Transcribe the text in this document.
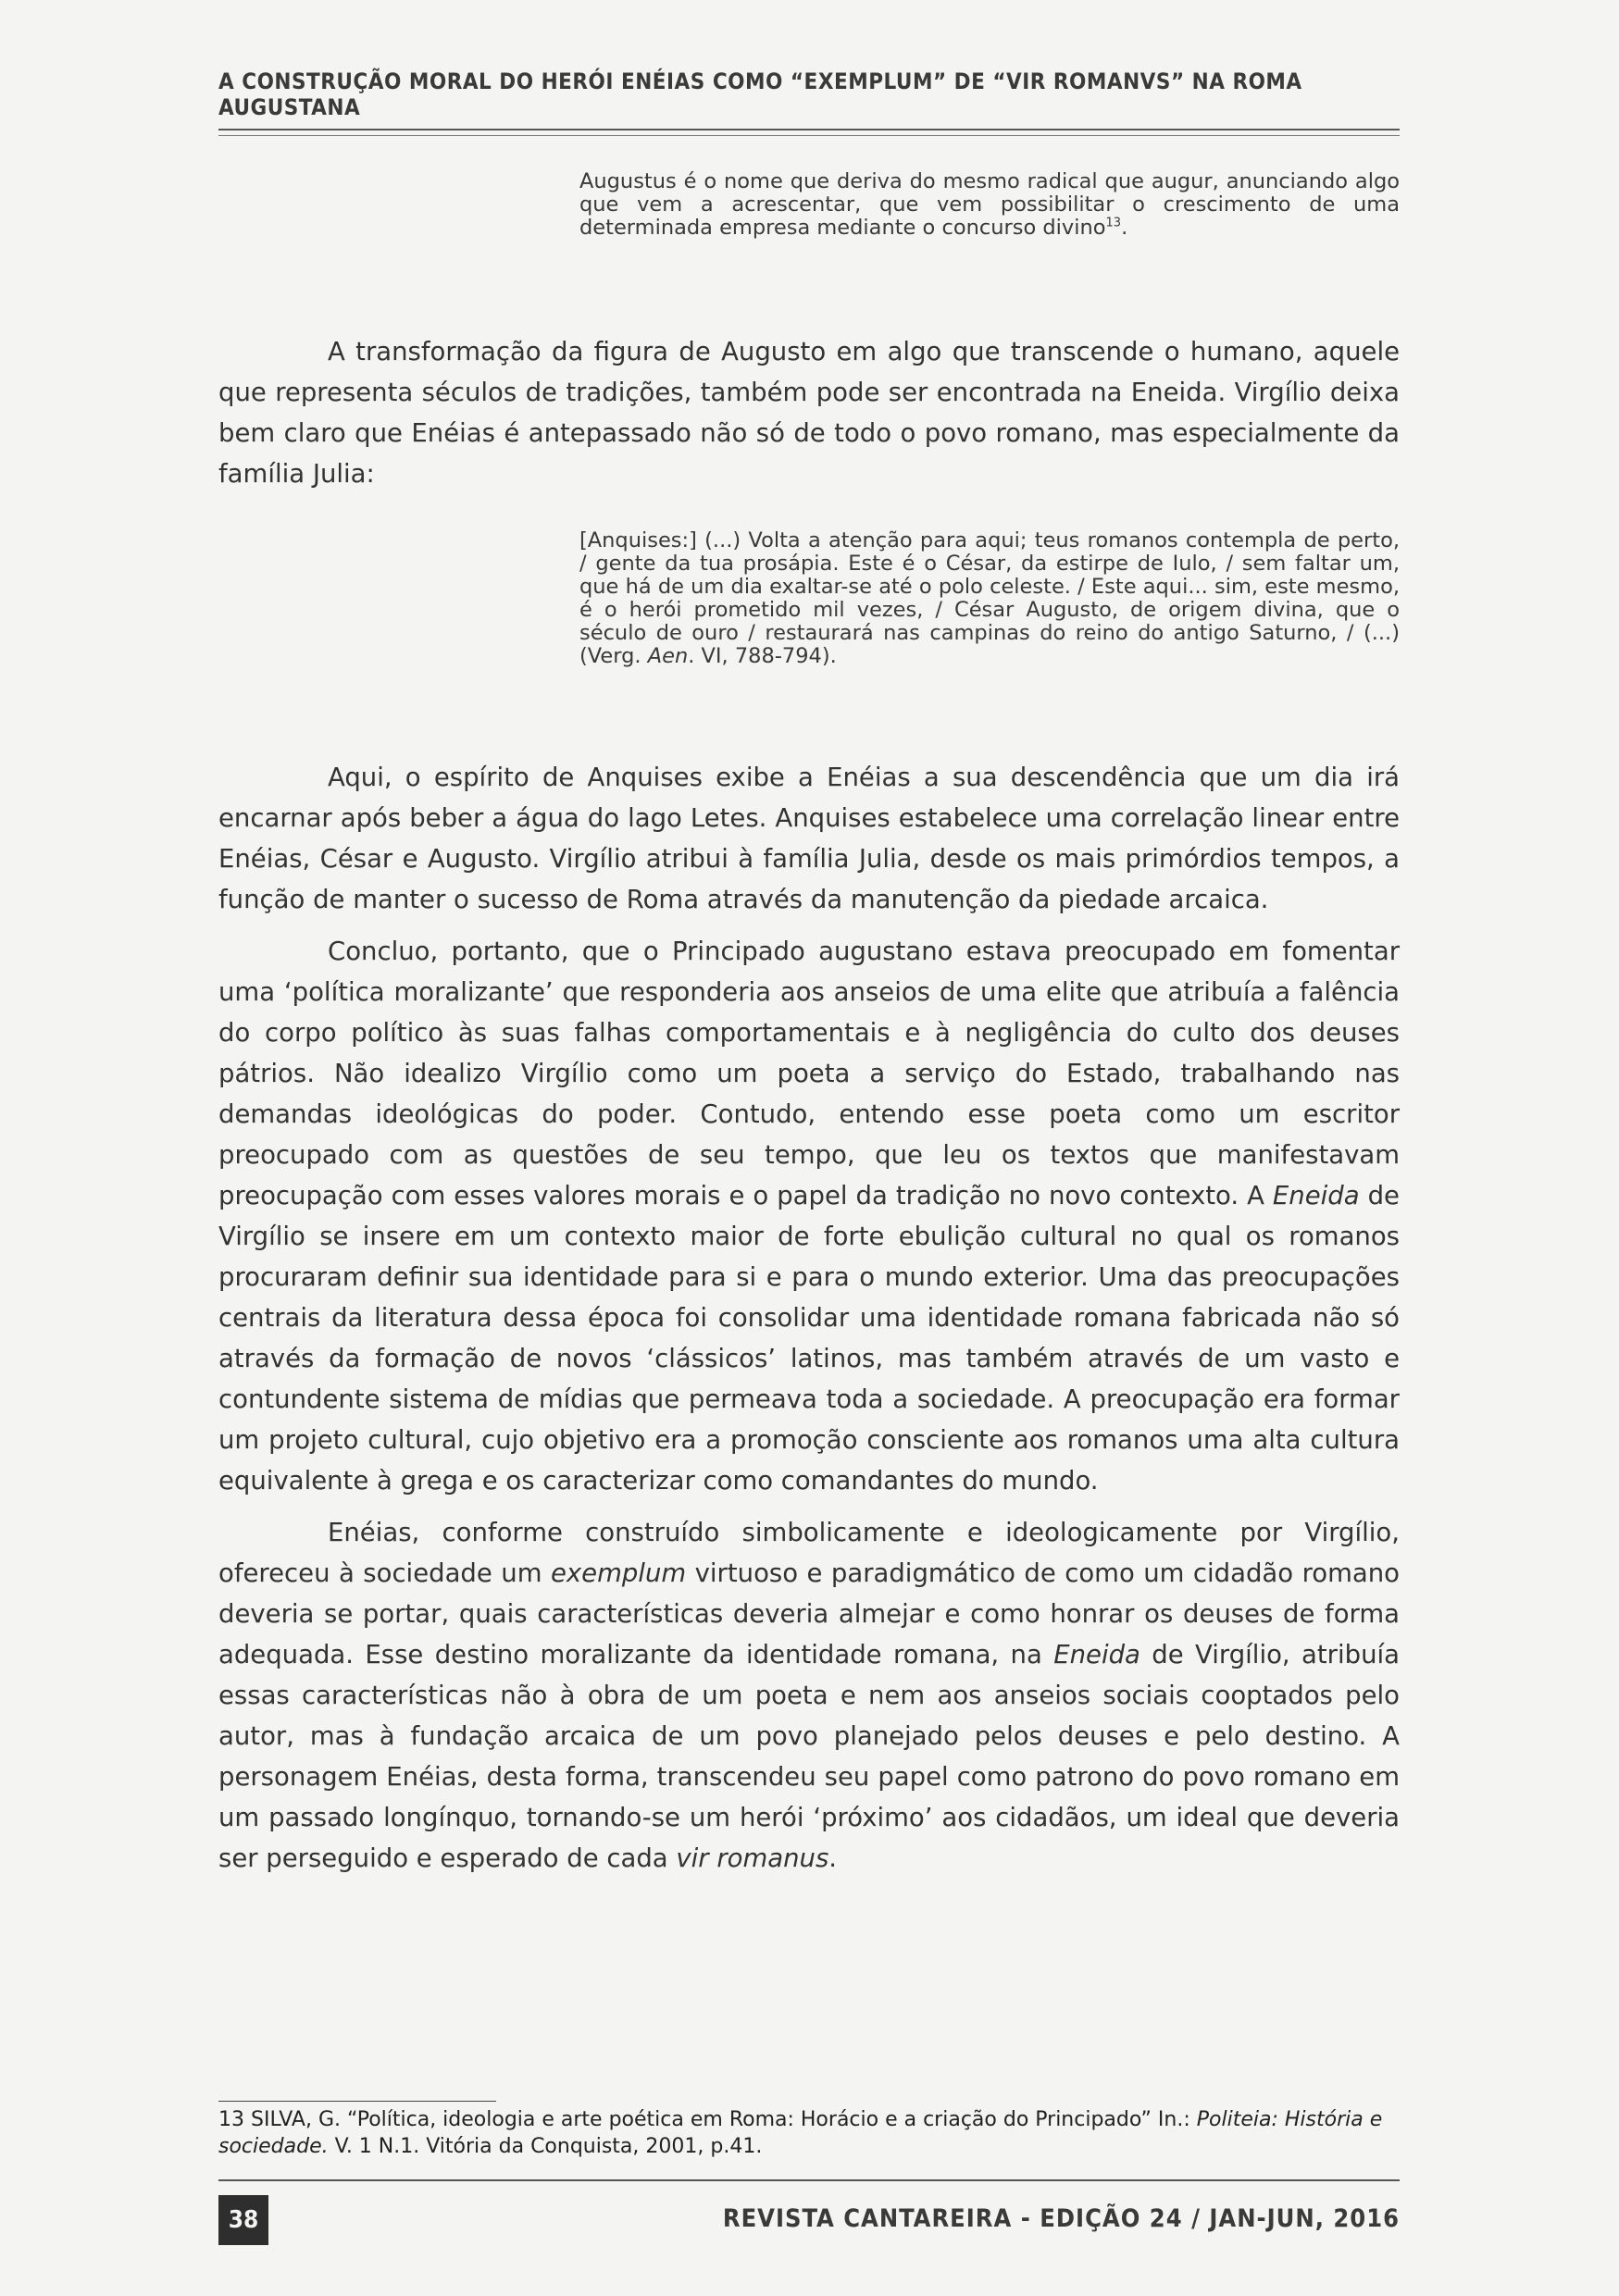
A CONSTRUÇÃO MORAL DO HERÓI ENÉIAS COMO “EXEMPLUM” DE “VIR ROMANVS” NA ROMA AUGUSTANA
Augustus é o nome que deriva do mesmo radical que augur, anunciando algo que vem a acrescentar, que vem possibilitar o crescimento de uma determinada empresa mediante o concurso divino$^{13}$.

A transformação da figura de Augusto em algo que transcende o humano, aquele que representa séculos de tradições, também pode ser encontrada na Eneida. Virgílio deixa bem claro que Enéias é antepassado não só de todo o povo romano, mas especialmente da família Julia:

[Anquises:] (...) Volta a atenção para aqui; teus romanos contempla de perto, / gente da tua prosápia. Este é o César, da estirpe de Iulo, / sem faltar um, que há de um dia exaltar-se até o polo celeste. / Este aqui... sim, este mesmo, é o herói prometido mil vezes, / César Augusto, de origem divina, que o século de ouro / restaurará nas campinas do reino do antigo Saturno, / (...) (Verg. Aen. VI, 788-794).

Aqui, o espírito de Anquises exibe a Enéias a sua descendência que um dia irá encarnar após beber a água do lago Letes. Anquises estabelece uma correlação linear entre Enéias, César e Augusto. Virgílio atribui à família Julia, desde os mais primórdios tempos, a função de manter o sucesso de Roma através da manutenção da piedade arcaica.

Concluo, portanto, que o Principado augustano estava preocupado em fomentar uma ‘política moralizante’ que responderia aos anseios de uma elite que atribuía a falência do corpo político às suas falhas comportamentais e à negligência do culto dos deuses pátrios. Não idealizo Virgílio como um poeta a serviço do Estado, trabalhando nas demandas ideológicas do poder. Contudo, entendo esse poeta como um escritor preocupado com as questões de seu tempo, que leu os textos que manifestavam preocupação com esses valores morais e o papel da tradição no novo contexto. A Eneida de Virgílio se insere em um contexto maior de forte ebulição cultural no qual os romanos procuraram definir sua identidade para si e para o mundo exterior. Uma das preocupações centrais da literatura dessa época foi consolidar uma identidade romana fabricada não só através da formação de novos ‘clássicos’ latinos, mas também através de um vasto e contundente sistema de mídias que permeava toda a sociedade. A preocupação era formar um projeto cultural, cujo objetivo era a promoção consciente aos romanos uma alta cultura equivalente à grega e os caracterizar como comandantes do mundo.

Enéias, conforme construído simbolicamente e ideologicamente por Virgílio, ofereceu à sociedade um exemplum virtuoso e paradigmático de como um cidadão romano deveria se portar, quais características deveria almejar e como honrar os deuses de forma adequada. Esse destino moralizante da identidade romana, na Eneida de Virgílio, atribuía essas características não à obra de um poeta e nem aos anseios sociais cooptados pelo autor, mas à fundação arcaica de um povo planejado pelos deuses e pelo destino. A personagem Enéias, desta forma, transcendeu seu papel como patrono do povo romano em um passado longínquo, tornando-se um herói ‘próximo’ aos cidadãos, um ideal que deveria ser perseguido e esperado de cada vir romanus.

13 SILVA, G. “Política, ideologia e arte poética em Roma: Horácio e a criação do Principado” In.: Politeia: História e sociedade. V. 1 N.1. Vitória da Conquista, 2001, p.41.
38	REVISTA CANTAREIRA - EDIÇÃO 24 / JAN-JUN, 2016
